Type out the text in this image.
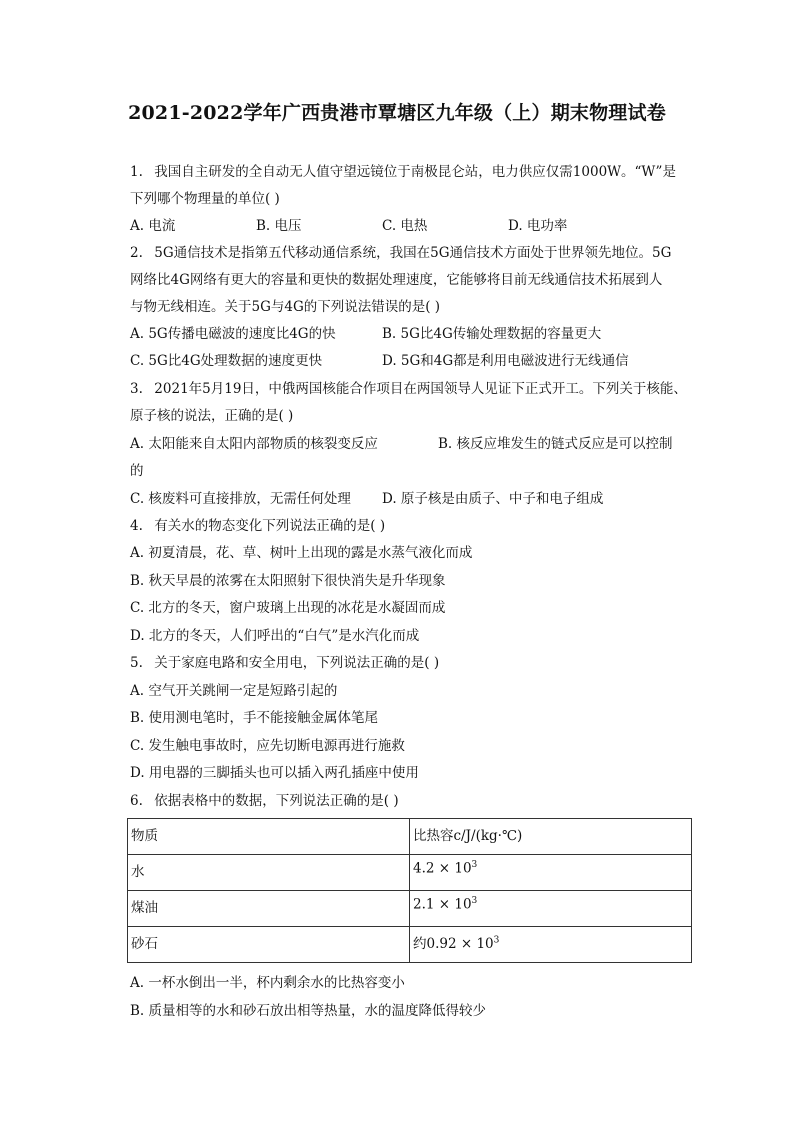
2021-2022学年广西贵港市覃塘区九年级（上）期末物理试卷
1. 我国自主研发的全自动无人值守望远镜位于南极昆仑站，电力供应仅需1000W。“W”是
下列哪个物理量的单位( )
A. 电流	B. 电压	C. 电热	D. 电功率
2. 5G通信技术是指第五代移动通信系统，我国在5G通信技术方面处于世界领先地位。5G
网络比4G网络有更大的容量和更快的数据处理速度，它能够将目前无线通信技术拓展到人
与物无线相连。关于5G与4G的下列说法错误的是( )
A. 5G传播电磁波的速度比4G的快	B. 5G比4G传输处理数据的容量更大
C. 5G比4G处理数据的速度更快	D. 5G和4G都是利用电磁波进行无线通信
3. 2021年5月19日，中俄两国核能合作项目在两国领导人见证下正式开工。下列关于核能、
原子核的说法，正确的是( )
A. 太阳能来自太阳内部物质的核裂变反应	B. 核反应堆发生的链式反应是可以控制
的
C. 核废料可直接排放，无需任何处理 D. 原子核是由质子、中子和电子组成
4. 有关水的物态变化下列说法正确的是( )
A. 初夏清晨，花、草、树叶上出现的露是水蒸气液化而成
B. 秋天早晨的浓雾在太阳照射下很快消失是升华现象
C. 北方的冬天，窗户玻璃上出现的冰花是水凝固而成
D. 北方的冬天，人们呼出的“白气”是水汽化而成
5. 关于家庭电路和安全用电，下列说法正确的是( )
A. 空气开关跳闸一定是短路引起的
B. 使用测电笔时，手不能接触金属体笔尾
C. 发生触电事故时，应先切断电源再进行施救
D. 用电器的三脚插头也可以插入两孔插座中使用
6. 依据表格中的数据，下列说法正确的是( )
物质	比热容c/J/(kg·℃)
水	$4.2 \times 10^3$
煤油	$2.1 \times 10^3$
砂石	约$0.92 \times 10^3$
A. 一杯水倒出一半，杯内剩余水的比热容变小
B. 质量相等的水和砂石放出相等热量，水的温度降低得较少
